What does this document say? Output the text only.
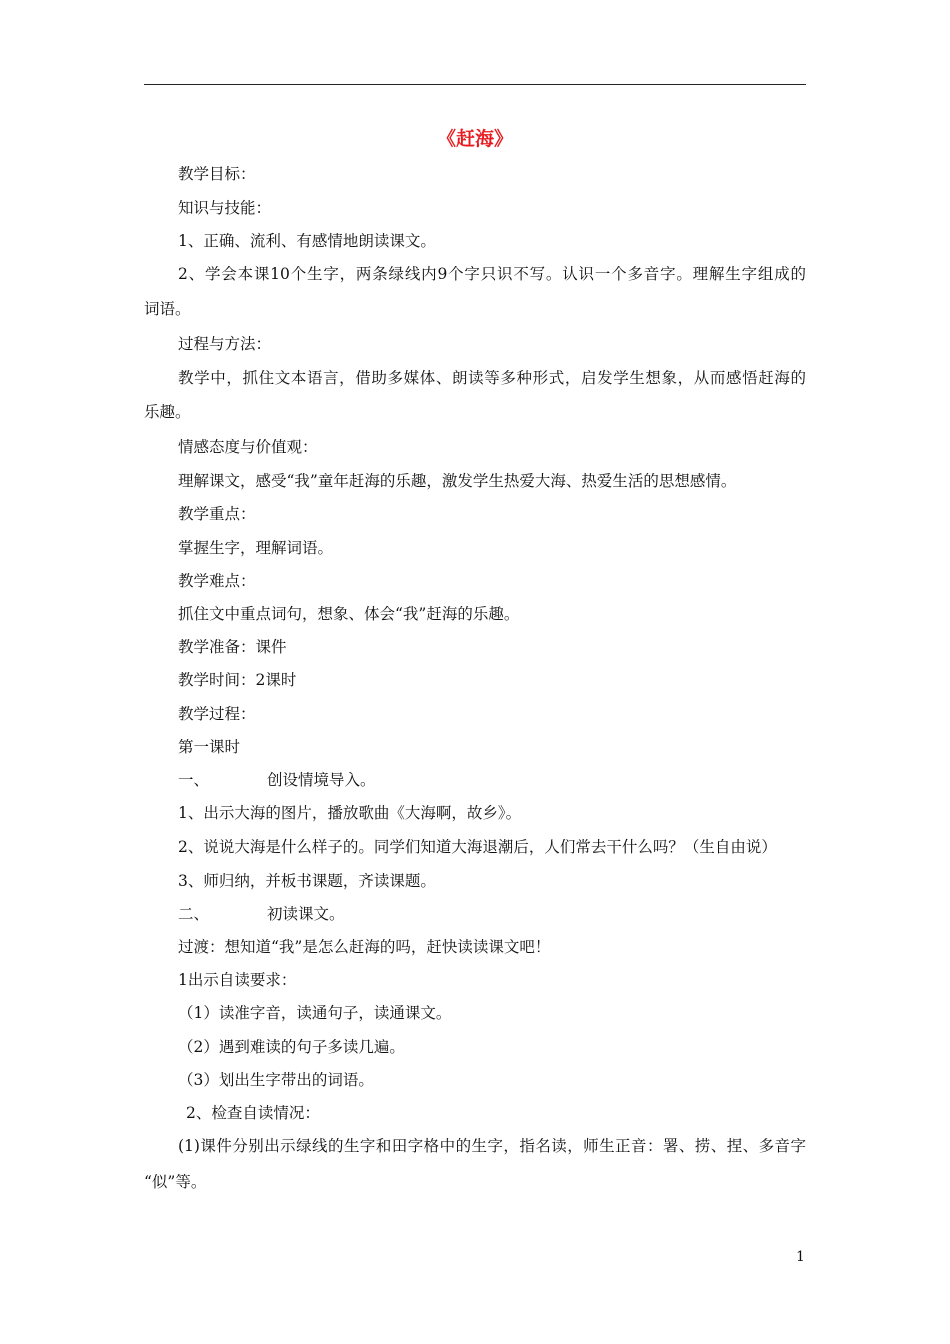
《赶海》
教学目标：
知识与技能：
1、正确、流利、有感情地朗读课文。
2、学会本课10个生字，两条绿线内9个字只识不写。认识一个多音字。理解生字组成的
词语。
过程与方法：
教学中，抓住文本语言，借助多媒体、朗读等多种形式，启发学生想象，从而感悟赶海的
乐趣。
情感态度与价值观：
理解课文，感受“我”童年赶海的乐趣，激发学生热爱大海、热爱生活的思想感情。
教学重点：
掌握生字，理解词语。
教学难点：
抓住文中重点词句，想象、体会“我”赶海的乐趣。
教学准备：课件
教学时间：2课时
教学过程：
第一课时
一、	创设情境导入。
1、出示大海的图片，播放歌曲《大海啊，故乡》。
2、说说大海是什么样子的。同学们知道大海退潮后，人们常去干什么吗？（生自由说）
3、师归纳，并板书课题，齐读课题。
二、	初读课文。
过渡：想知道“我”是怎么赶海的吗，赶快读读课文吧！
1出示自读要求：
（1）读准字音，读通句子，读通课文。
（2）遇到难读的句子多读几遍。
（3）划出生字带出的词语。
2、检查自读情况：
(1)课件分别出示绿线的生字和田字格中的生字，指名读，师生正音：署、捞、捏、多音字
“似”等。
1
